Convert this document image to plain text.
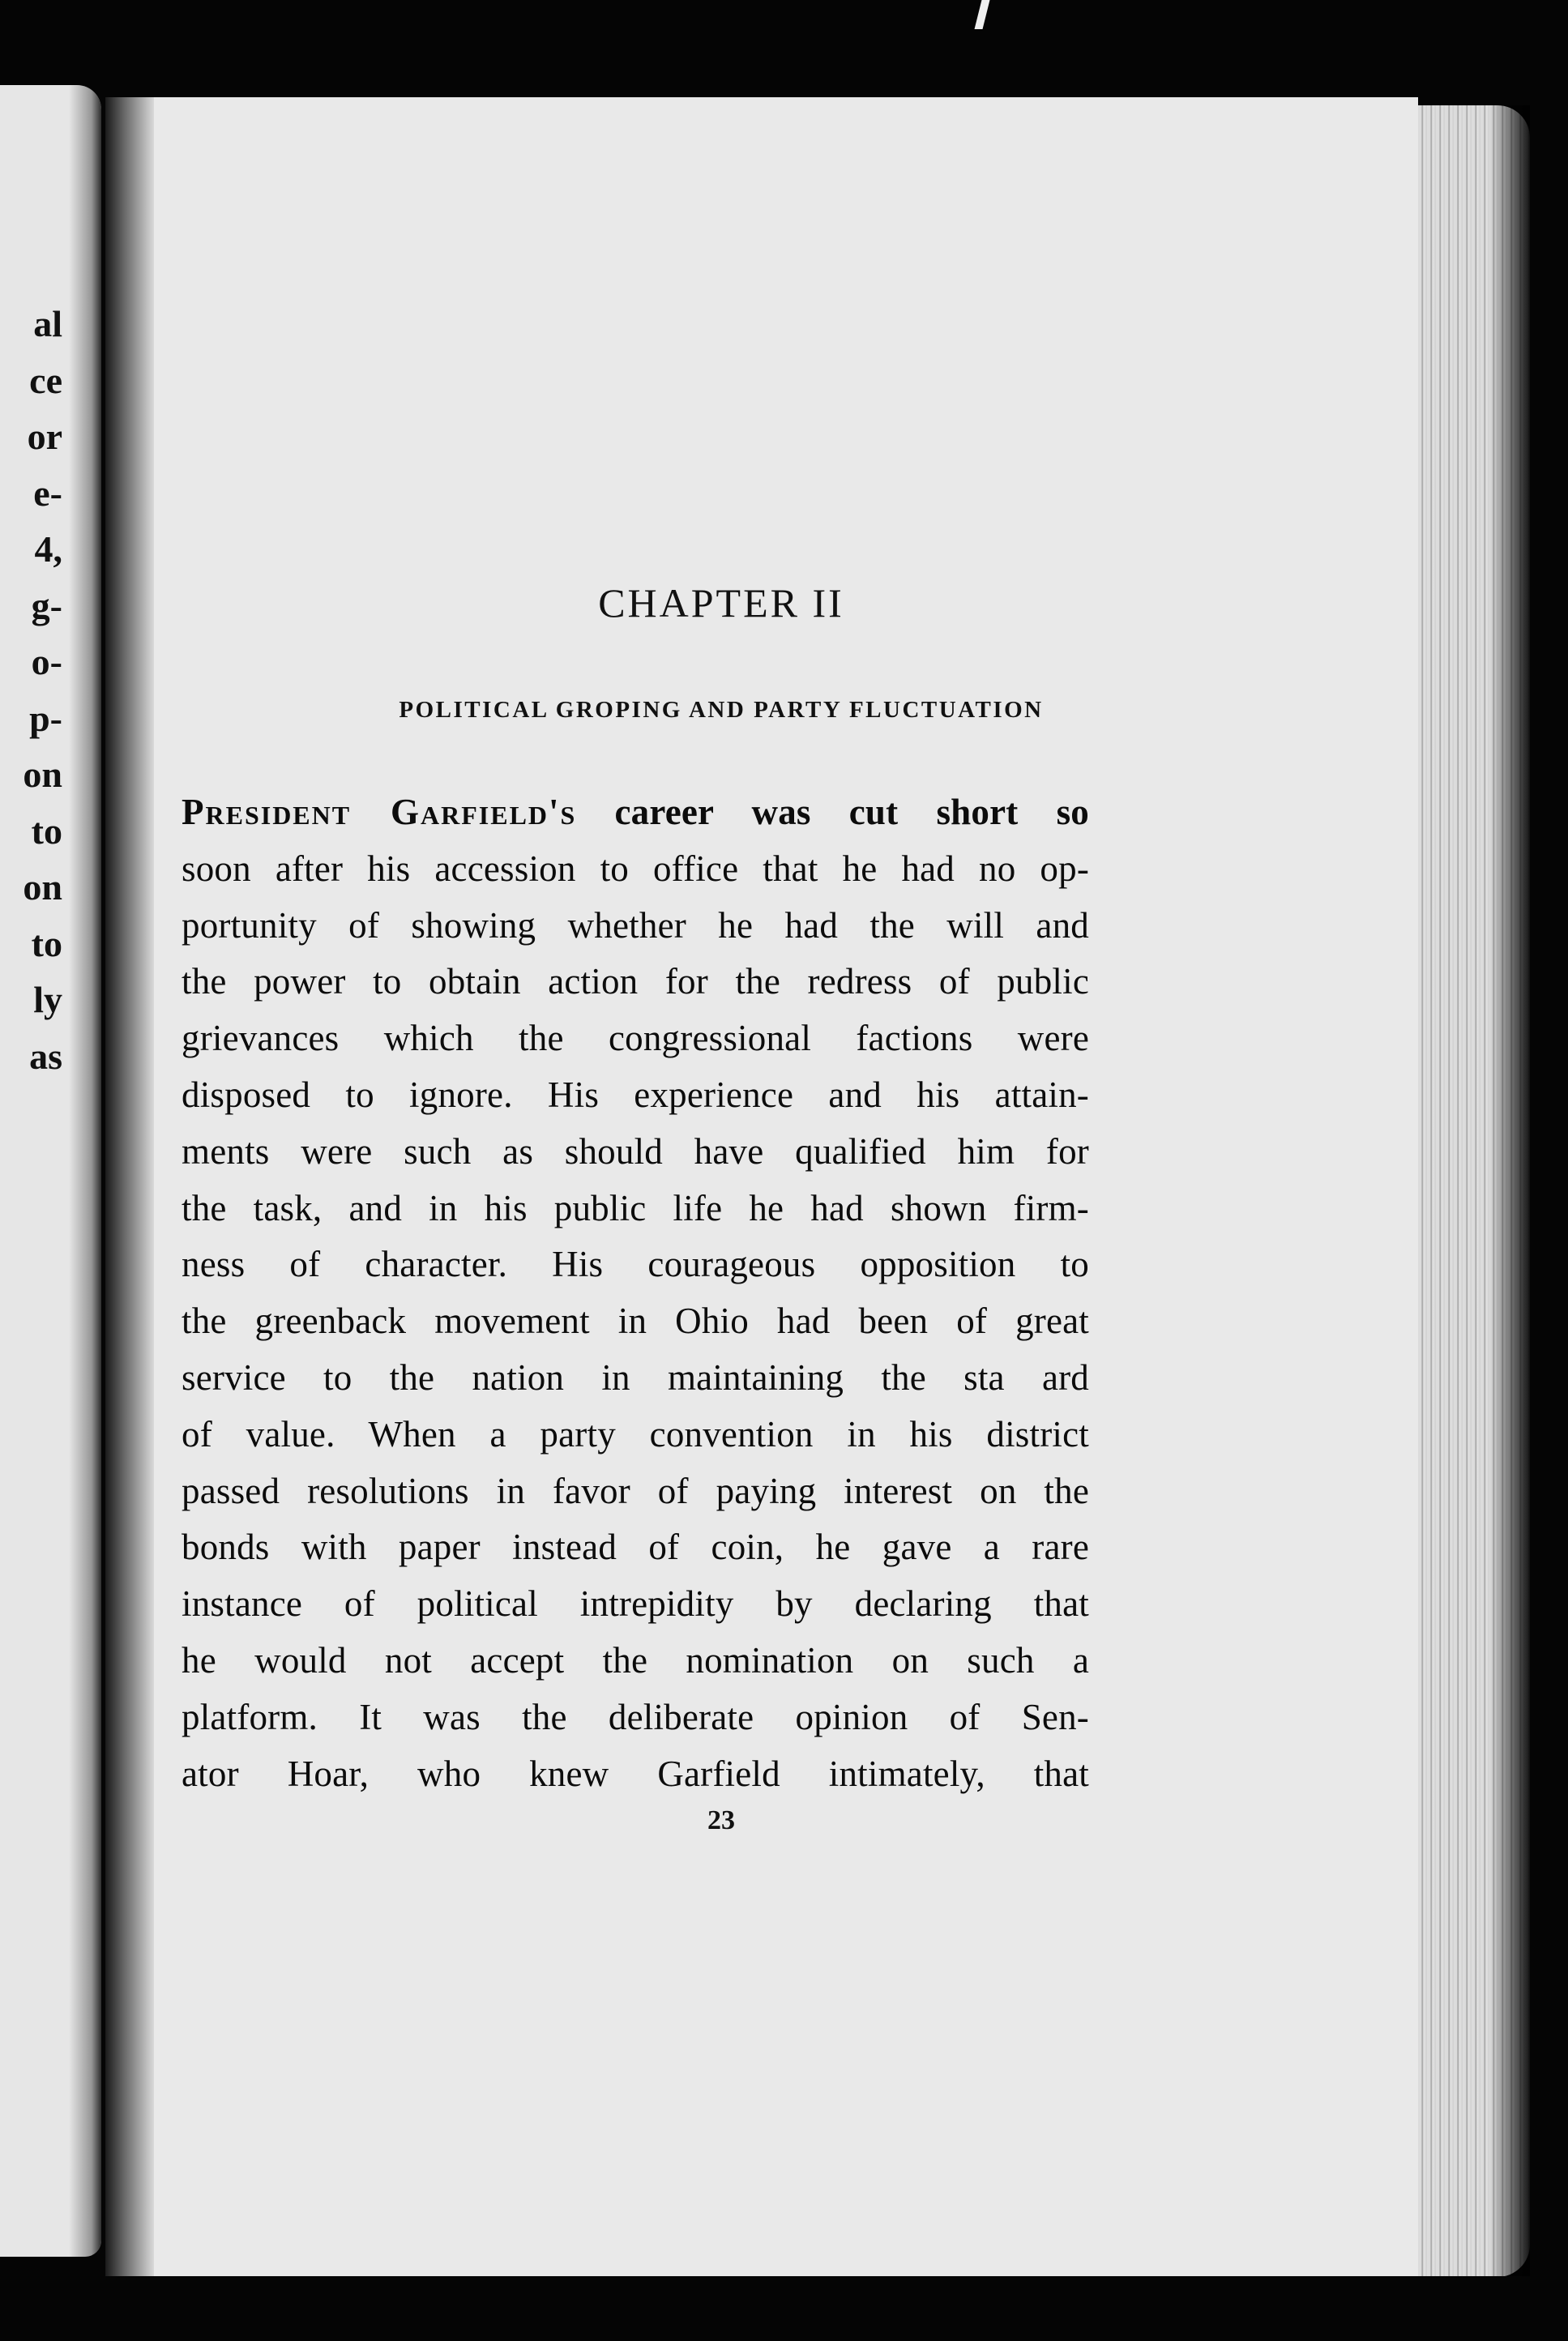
al
ce
or
e-
4,
g-
o-
p-
on
to
on
to
ly
as
CHAPTER II
POLITICAL GROPING AND PARTY FLUCTUATION
President Garfield's career was cut short so
soon after his accession to office that he had no op-
portunity of showing whether he had the will and
the power to obtain action for the redress of public
grievances which the congressional factions were
disposed to ignore. His experience and his attain-
ments were such as should have qualified him for
the task, and in his public life he had shown firm-
ness of character. His courageous opposition to
the greenback movement in Ohio had been of great
service to the nation in maintaining the sta ard
of value. When a party convention in his district
passed resolutions in favor of paying interest on the
bonds with paper instead of coin, he gave a rare
instance of political intrepidity by declaring that
he would not accept the nomination on such a
platform. It was the deliberate opinion of Sen-
ator Hoar, who knew Garfield intimately, that
23
